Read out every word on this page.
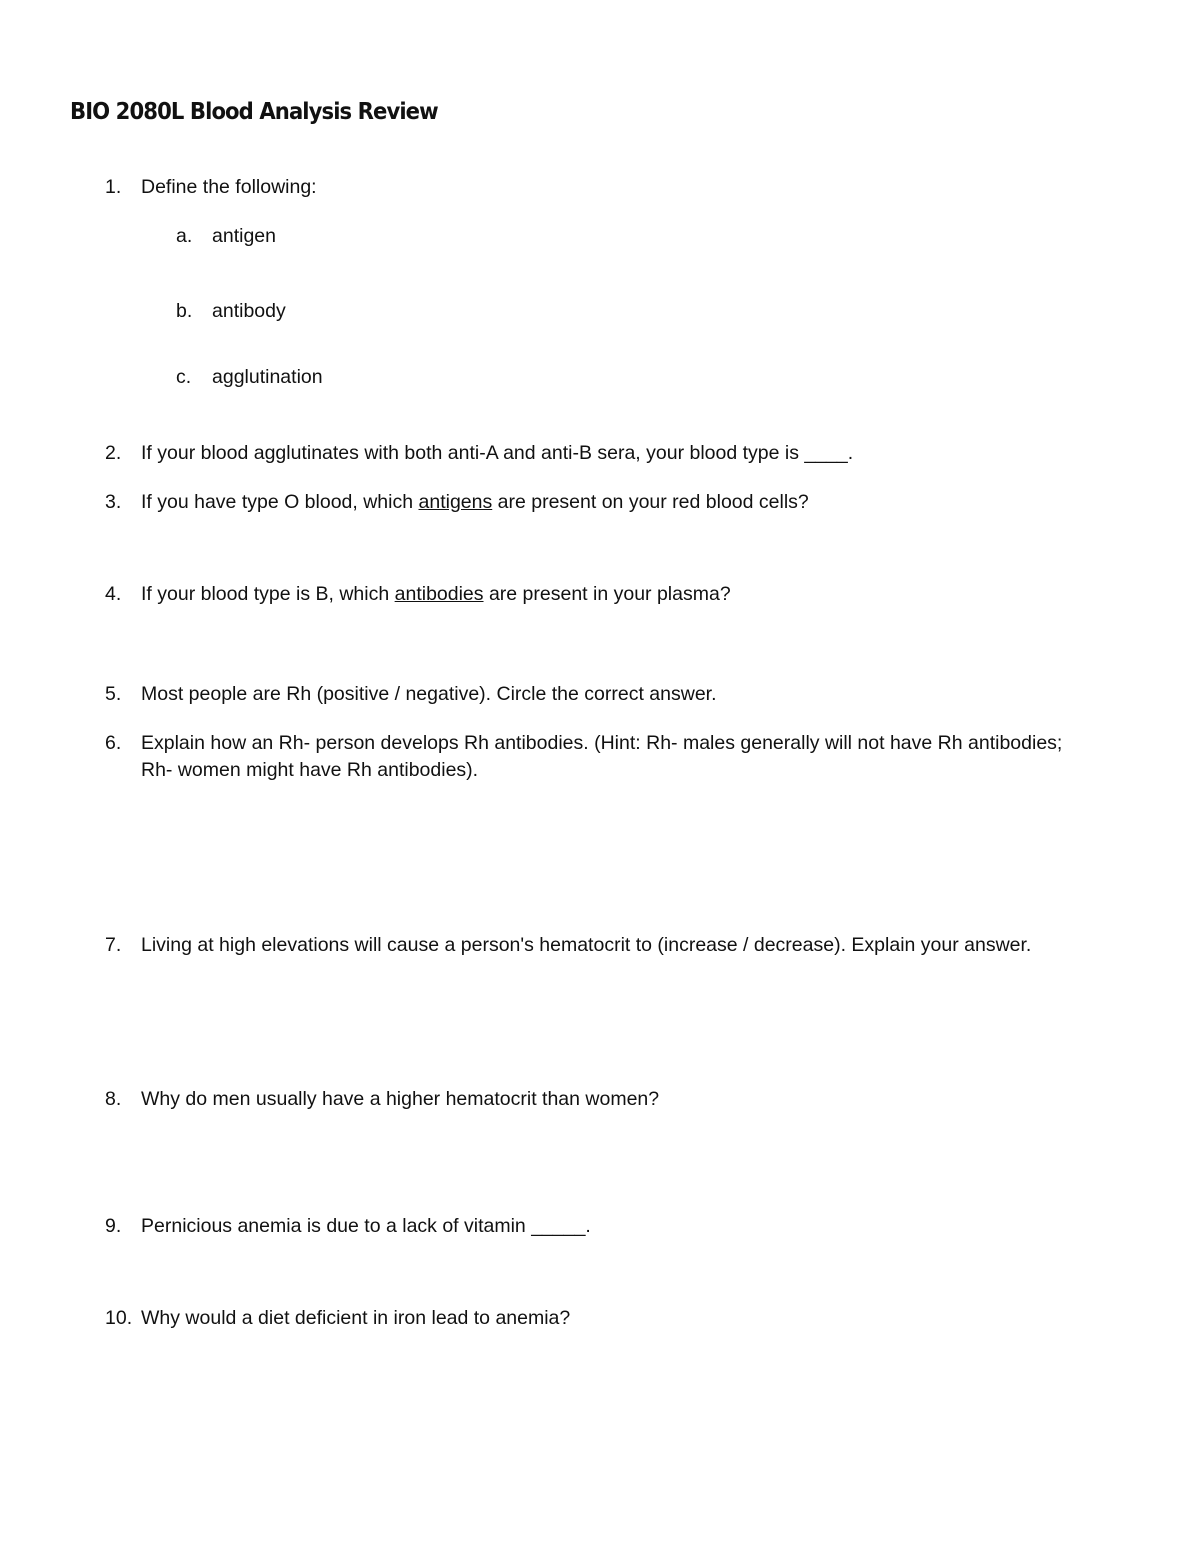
BIO 2080L Blood Analysis Review
1. Define the following:
a. antigen
b. antibody
c. agglutination
2. If your blood agglutinates with both anti-A and anti-B sera, your blood type is ____.
3. If you have type O blood, which antigens are present on your red blood cells?
4. If your blood type is B, which antibodies are present in your plasma?
5. Most people are Rh (positive / negative). Circle the correct answer.
6. Explain how an Rh- person develops Rh antibodies. (Hint: Rh- males generally will not have Rh antibodies; Rh- women might have Rh antibodies).
7. Living at high elevations will cause a person's hematocrit to (increase / decrease). Explain your answer.
8. Why do men usually have a higher hematocrit than women?
9. Pernicious anemia is due to a lack of vitamin _____.
10. Why would a diet deficient in iron lead to anemia?
